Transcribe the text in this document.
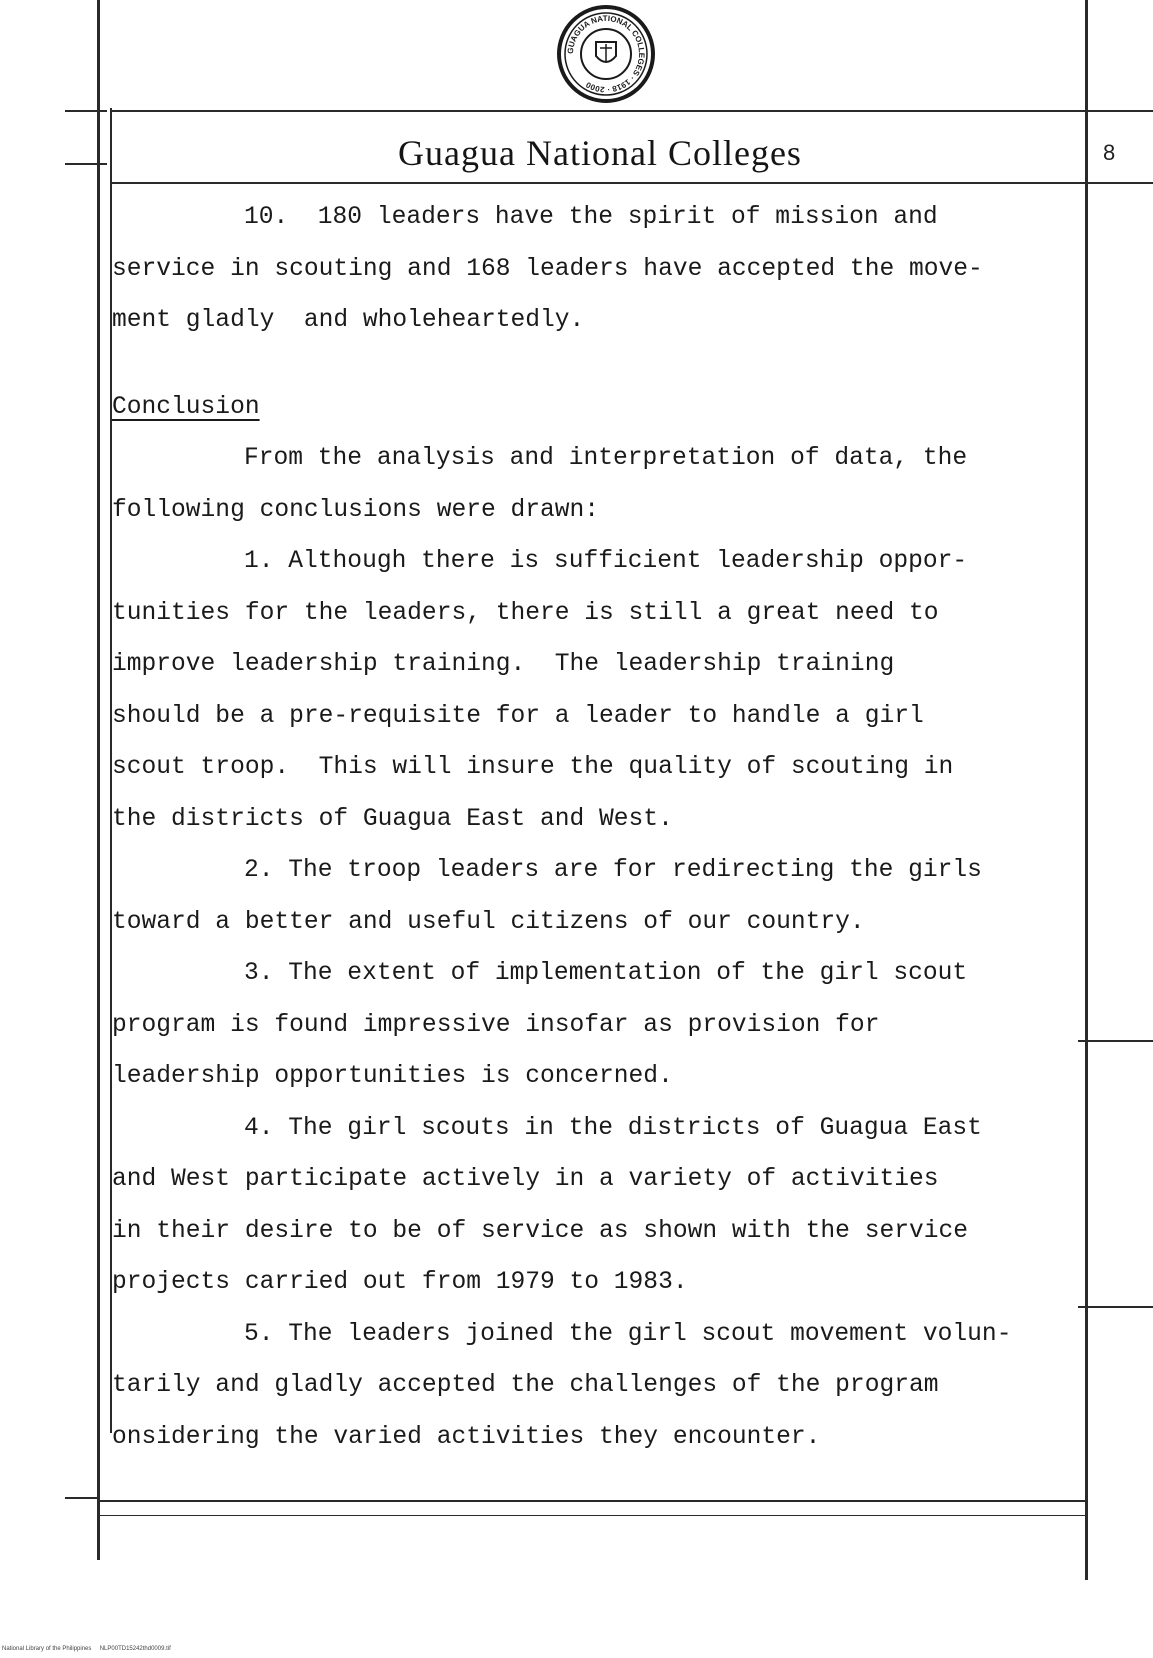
GUAGUA NATIONAL COLLEGES · 1918 · 2000
Guagua National Colleges	8

10.  180 leaders have the spirit of mission and

service in scouting and 168 leaders have accepted the move-

ment gladly  and wholeheartedly.

Conclusion

From the analysis and interpretation of data, the

following conclusions were drawn:

1. Although there is sufficient leadership oppor-

tunities for the leaders, there is still a great need to

improve leadership training.  The leadership training

should be a pre-requisite for a leader to handle a girl

scout troop.  This will insure the quality of scouting in

the districts of Guagua East and West.

2. The troop leaders are for redirecting the girls

toward a better and useful citizens of our country.

3. The extent of implementation of the girl scout

program is found impressive insofar as provision for

leadership opportunities is concerned.

4. The girl scouts in the districts of Guagua East

and West participate actively in a variety of activities

in their desire to be of service as shown with the service

projects carried out from 1979 to 1983.

5. The leaders joined the girl scout movement volun-

tarily and gladly accepted the challenges of the program

onsidering the varied activities they encounter.

National Library of the Philippines     NLP00TD15242thd0009.tif
